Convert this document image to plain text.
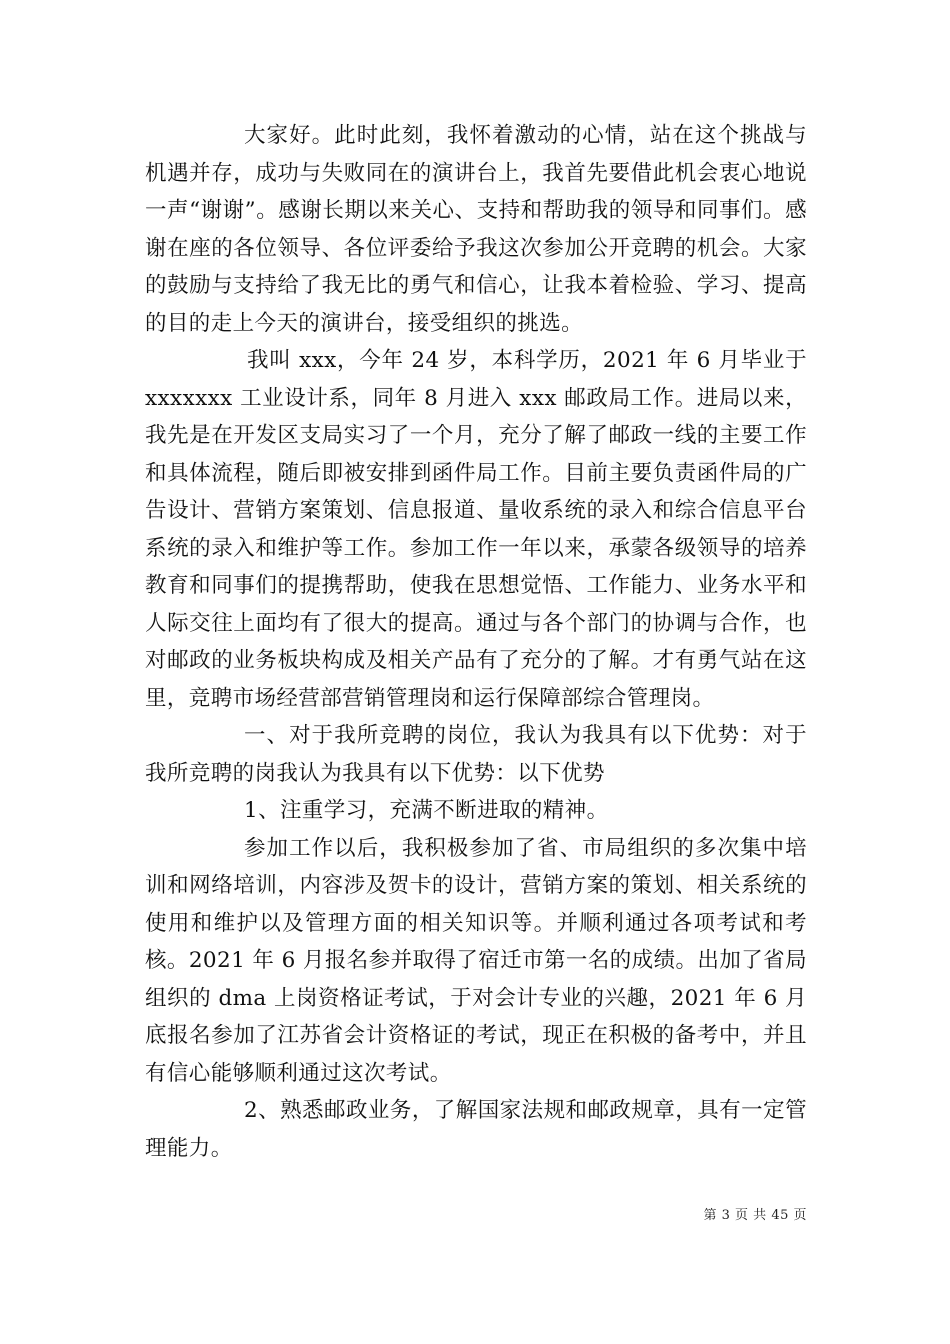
大家好。此时此刻，我怀着激动的心情，站在这个挑战与机遇并存，成功与失败同在的演讲台上，我首先要借此机会衷心地说一声“谢谢”。感谢长期以来关心、支持和帮助我的领导和同事们。感谢在座的各位领导、各位评委给予我这次参加公开竞聘的机会。大家的鼓励与支持给了我无比的勇气和信心，让我本着检验、学习、提高的目的走上今天的演讲台，接受组织的挑选。

我叫 xxx，今年 24 岁，本科学历，2021 年 6 月毕业于 xxxxxxx 工业设计系，同年 8 月进入 xxx 邮政局工作。进局以来，我先是在开发区支局实习了一个月，充分了解了邮政一线的主要工作和具体流程，随后即被安排到函件局工作。目前主要负责函件局的广告设计、营销方案策划、信息报道、量收系统的录入和综合信息平台系统的录入和维护等工作。参加工作一年以来，承蒙各级领导的培养教育和同事们的提携帮助，使我在思想觉悟、工作能力、业务水平和人际交往上面均有了很大的提高。通过与各个部门的协调与合作，也对邮政的业务板块构成及相关产品有了充分的了解。才有勇气站在这里，竞聘市场经营部营销管理岗和运行保障部综合管理岗。

一、对于我所竞聘的岗位，我认为我具有以下优势：对于我所竞聘的岗我认为我具有以下优势：以下优势

1、注重学习，充满不断进取的精神。

参加工作以后，我积极参加了省、市局组织的多次集中培训和网络培训，内容涉及贺卡的设计，营销方案的策划、相关系统的使用和维护以及管理方面的相关知识等。并顺利通过各项考试和考核。2021 年 6 月报名参并取得了宿迁市第一名的成绩。出加了省局组织的 dma 上岗资格证考试，于对会计专业的兴趣，2021 年 6 月底报名参加了江苏省会计资格证的考试，现正在积极的备考中，并且有信心能够顺利通过这次考试。

2、熟悉邮政业务，了解国家法规和邮政规章，具有一定管理能力。

第 3 页 共 45 页
